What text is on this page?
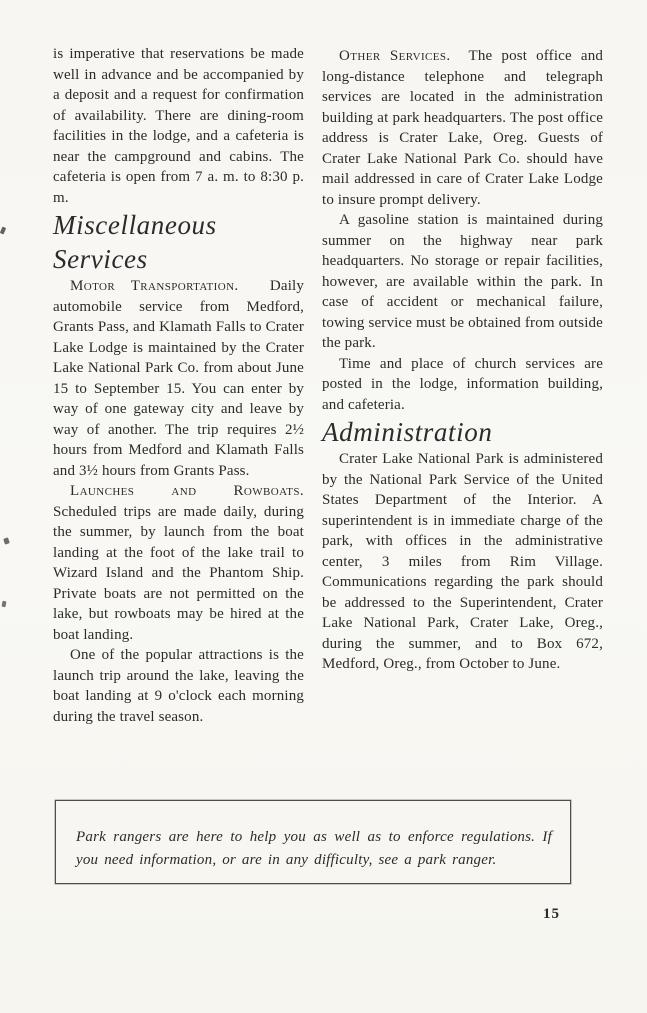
is imperative that reservations be made well in advance and be accompanied by a deposit and a request for confirmation of availability. There are dining-room facilities in the lodge, and a cafeteria is near the campground and cabins. The cafeteria is open from 7 a. m. to 8:30 p. m.

Miscellaneous Services

Motor Transportation. Daily automobile service from Medford, Grants Pass, and Klamath Falls to Crater Lake Lodge is maintained by the Crater Lake National Park Co. from about June 15 to September 15. You can enter by way of one gateway city and leave by way of another. The trip requires 2½ hours from Medford and Klamath Falls and 3½ hours from Grants Pass.

Launches and Rowboats. Scheduled trips are made daily, during the summer, by launch from the boat landing at the foot of the lake trail to Wizard Island and the Phantom Ship. Private boats are not permitted on the lake, but rowboats may be hired at the boat landing.

One of the popular attractions is the launch trip around the lake, leaving the boat landing at 9 o'clock each morning during the travel season.

Other Services. The post office and long-distance telephone and telegraph services are located in the administration building at park headquarters. The post office address is Crater Lake, Oreg. Guests of Crater Lake National Park Co. should have mail addressed in care of Crater Lake Lodge to insure prompt delivery.

A gasoline station is maintained during summer on the highway near park headquarters. No storage or repair facilities, however, are available within the park. In case of accident or mechanical failure, towing service must be obtained from outside the park.

Time and place of church services are posted in the lodge, information building, and cafeteria.

Administration

Crater Lake National Park is administered by the National Park Service of the United States Department of the Interior. A superintendent is in immediate charge of the park, with offices in the administrative center, 3 miles from Rim Village. Communications regarding the park should be addressed to the Superintendent, Crater Lake National Park, Crater Lake, Oreg., during the summer, and to Box 672, Medford, Oreg., from October to June.

Park rangers are here to help you as well as to enforce regulations. If you need information, or are in any difficulty, see a park ranger.

15
